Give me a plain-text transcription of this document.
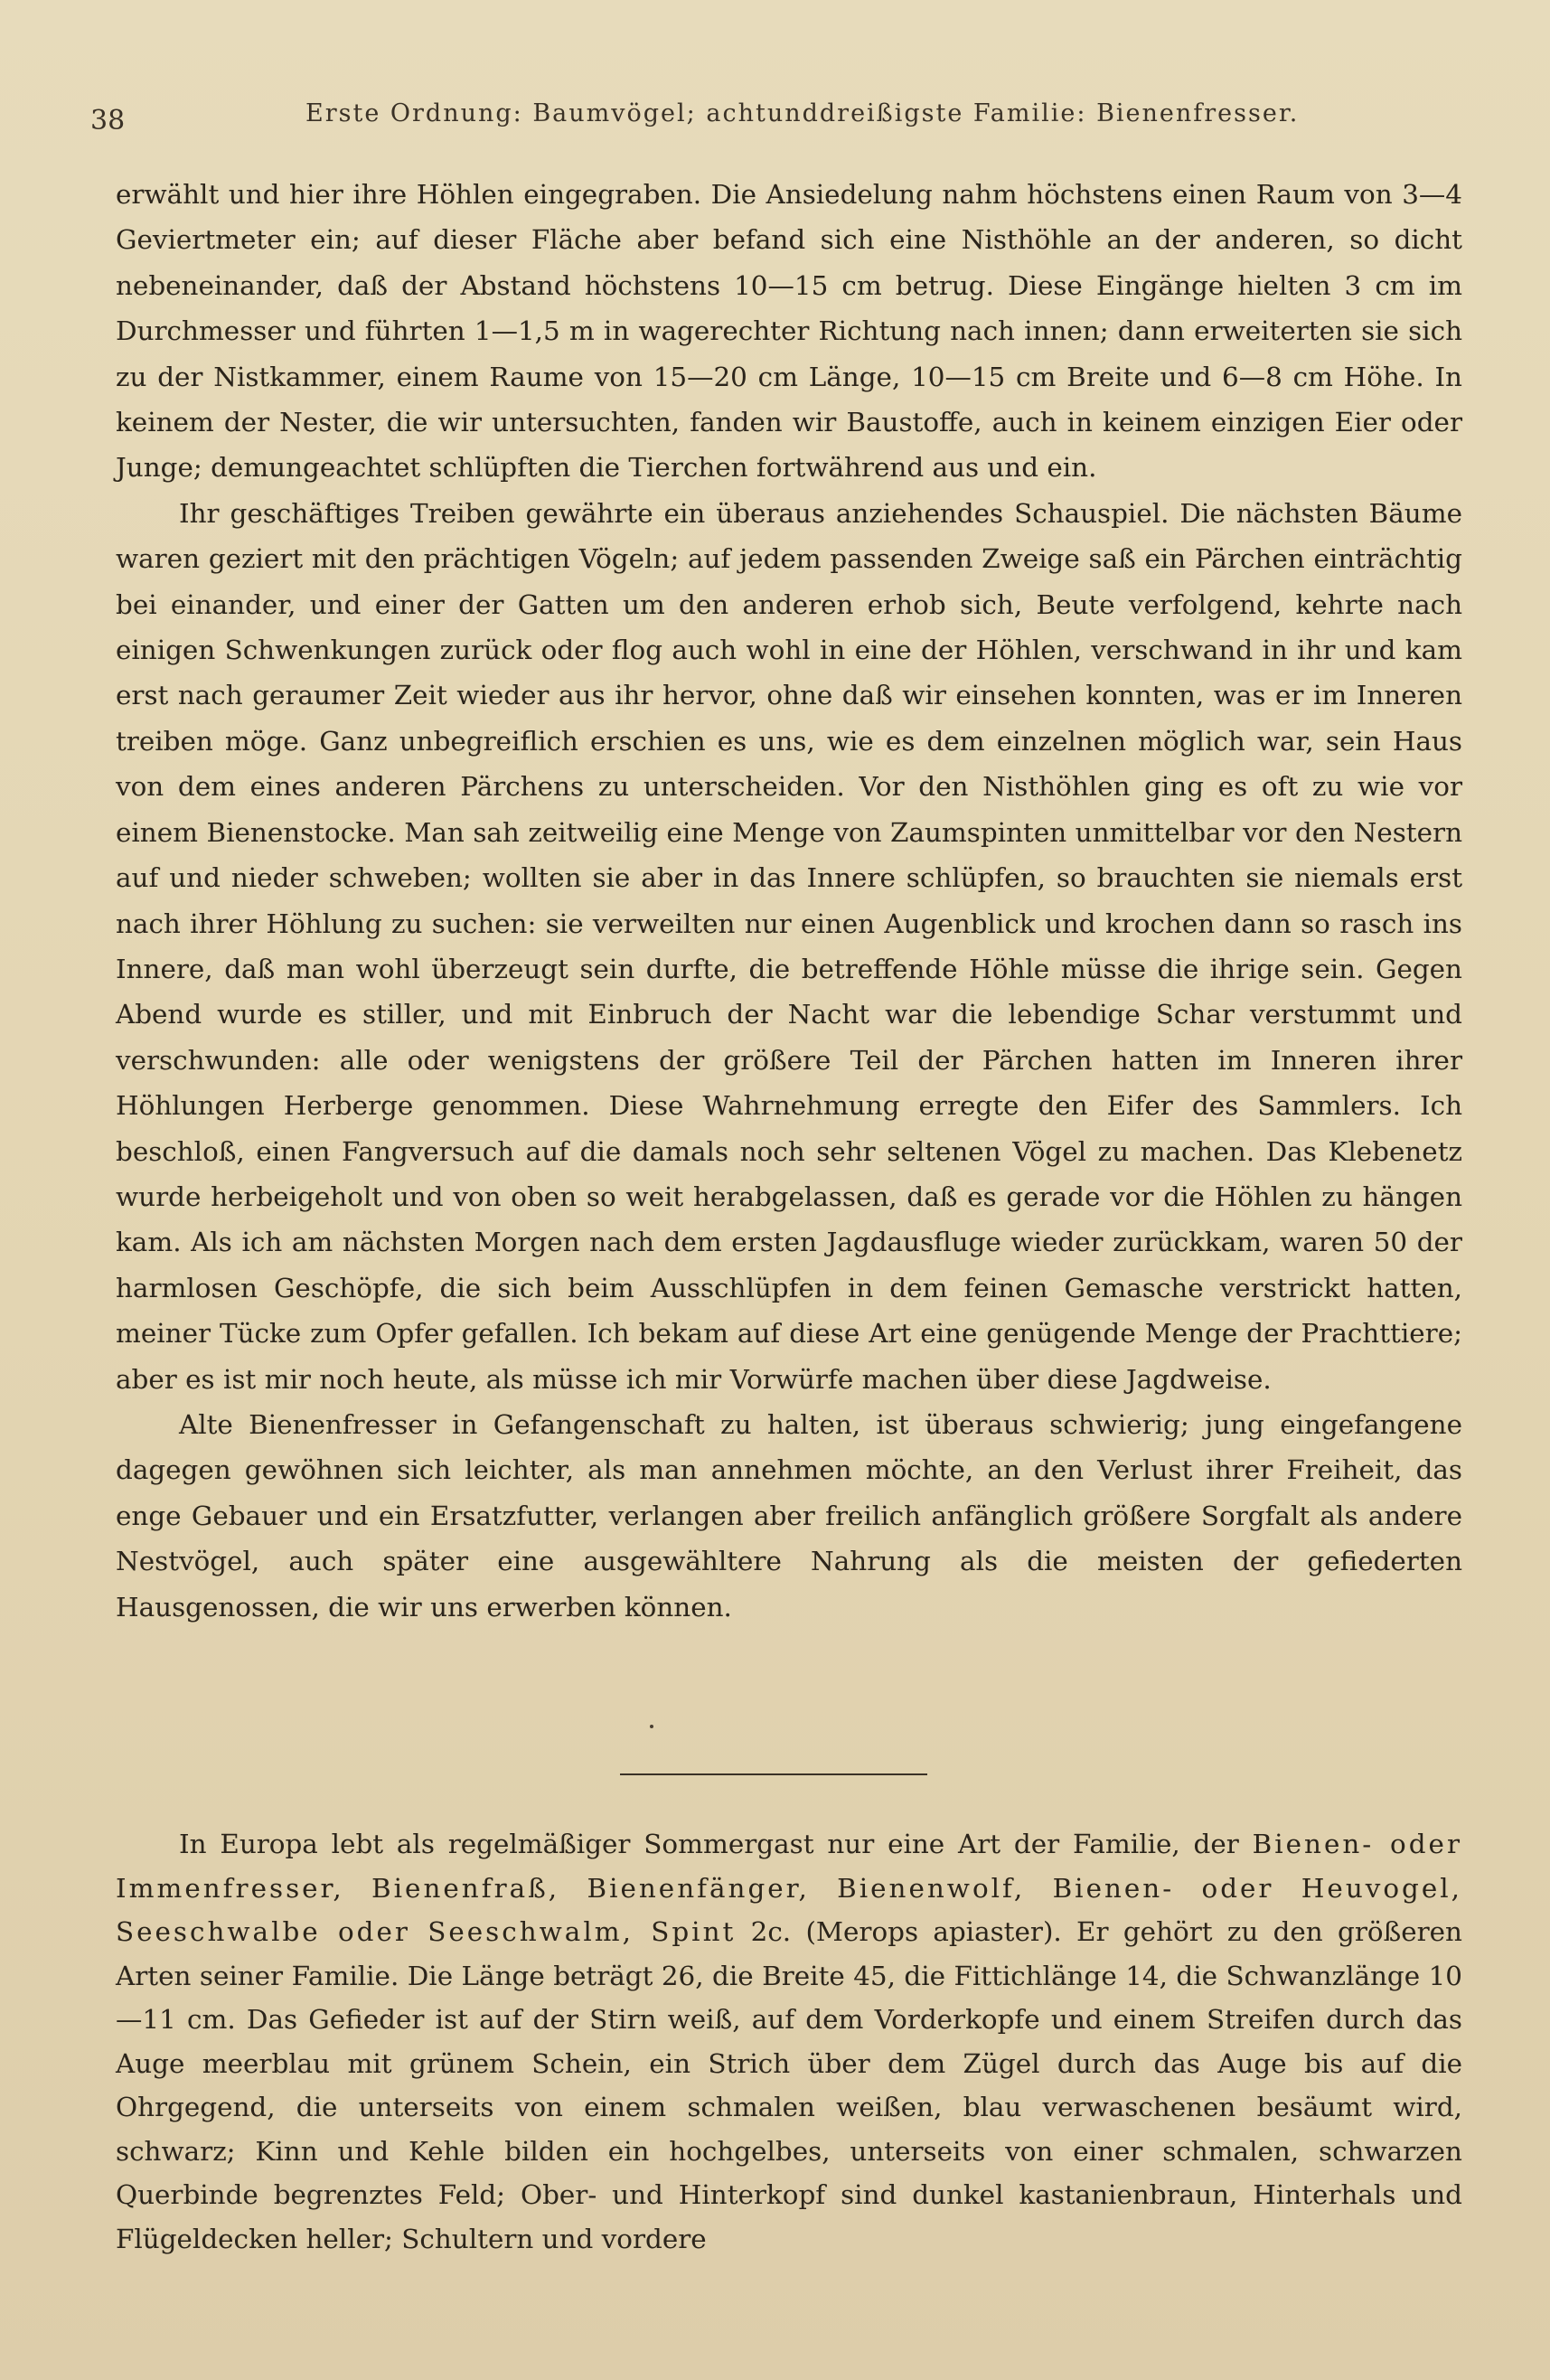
38	Erste Ordnung: Baumvögel; achtunddreißigste Familie: Bienenfresser.

erwählt und hier ihre Höhlen eingegraben. Die Ansiedelung nahm höchstens einen Raum von 3—4 Geviertmeter ein; auf dieser Fläche aber befand sich eine Nisthöhle an der anderen, so dicht nebeneinander, daß der Abstand höchstens 10—15 cm betrug. Diese Eingänge hielten 3 cm im Durchmesser und führten 1—1,5 m in wagerechter Richtung nach innen; dann erweiterten sie sich zu der Nistkammer, einem Raume von 15—20 cm Länge, 10—15 cm Breite und 6—8 cm Höhe. In keinem der Nester, die wir untersuchten, fanden wir Baustoffe, auch in keinem einzigen Eier oder Junge; demungeachtet schlüpften die Tierchen fortwährend aus und ein.

Ihr geschäftiges Treiben gewährte ein überaus anziehendes Schauspiel. Die nächsten Bäume waren geziert mit den prächtigen Vögeln; auf jedem passenden Zweige saß ein Pärchen einträchtig bei einander, und einer der Gatten um den anderen erhob sich, Beute verfolgend, kehrte nach einigen Schwenkungen zurück oder flog auch wohl in eine der Höhlen, verschwand in ihr und kam erst nach geraumer Zeit wieder aus ihr hervor, ohne daß wir einsehen konnten, was er im Inneren treiben möge. Ganz unbegreiflich erschien es uns, wie es dem einzelnen möglich war, sein Haus von dem eines anderen Pärchens zu unterscheiden. Vor den Nisthöhlen ging es oft zu wie vor einem Bienenstocke. Man sah zeitweilig eine Menge von Zaumspinten unmittelbar vor den Nestern auf und nieder schweben; wollten sie aber in das Innere schlüpfen, so brauchten sie niemals erst nach ihrer Höhlung zu suchen: sie verweilten nur einen Augenblick und krochen dann so rasch ins Innere, daß man wohl überzeugt sein durfte, die betreffende Höhle müsse die ihrige sein. Gegen Abend wurde es stiller, und mit Einbruch der Nacht war die lebendige Schar verstummt und verschwunden: alle oder wenigstens der größere Teil der Pärchen hatten im Inneren ihrer Höhlungen Herberge genommen. Diese Wahrnehmung erregte den Eifer des Sammlers. Ich beschloß, einen Fangversuch auf die damals noch sehr seltenen Vögel zu machen. Das Klebenetz wurde herbeigeholt und von oben so weit herabgelassen, daß es gerade vor die Höhlen zu hängen kam. Als ich am nächsten Morgen nach dem ersten Jagdausfluge wieder zurückkam, waren 50 der harmlosen Geschöpfe, die sich beim Ausschlüpfen in dem feinen Gemasche verstrickt hatten, meiner Tücke zum Opfer gefallen. Ich bekam auf diese Art eine genügende Menge der Prachttiere; aber es ist mir noch heute, als müsse ich mir Vorwürfe machen über diese Jagdweise.

Alte Bienenfresser in Gefangenschaft zu halten, ist überaus schwierig; jung eingefangene dagegen gewöhnen sich leichter, als man annehmen möchte, an den Verlust ihrer Freiheit, das enge Gebauer und ein Ersatzfutter, verlangen aber freilich anfänglich größere Sorgfalt als andere Nestvögel, auch später eine ausgewähltere Nahrung als die meisten der gefiederten Hausgenossen, die wir uns erwerben können.

In Europa lebt als regelmäßiger Sommergast nur eine Art der Familie, der Bienen- oder Immenfresser, Bienenfraß, Bienenfänger, Bienenwolf, Bienen- oder Heuvogel, Seeschwalbe oder Seeschwalm, Spint 2c. (Merops apiaster). Er gehört zu den größeren Arten seiner Familie. Die Länge beträgt 26, die Breite 45, die Fittichlänge 14, die Schwanzlänge 10—11 cm. Das Gefieder ist auf der Stirn weiß, auf dem Vorderkopfe und einem Streifen durch das Auge meerblau mit grünem Schein, ein Strich über dem Zügel durch das Auge bis auf die Ohrgegend, die unterseits von einem schmalen weißen, blau verwaschenen besäumt wird, schwarz; Kinn und Kehle bilden ein hochgelbes, unterseits von einer schmalen, schwarzen Querbinde begrenztes Feld; Ober- und Hinterkopf sind dunkel kastanienbraun, Hinterhals und Flügeldecken heller; Schultern und vordere
